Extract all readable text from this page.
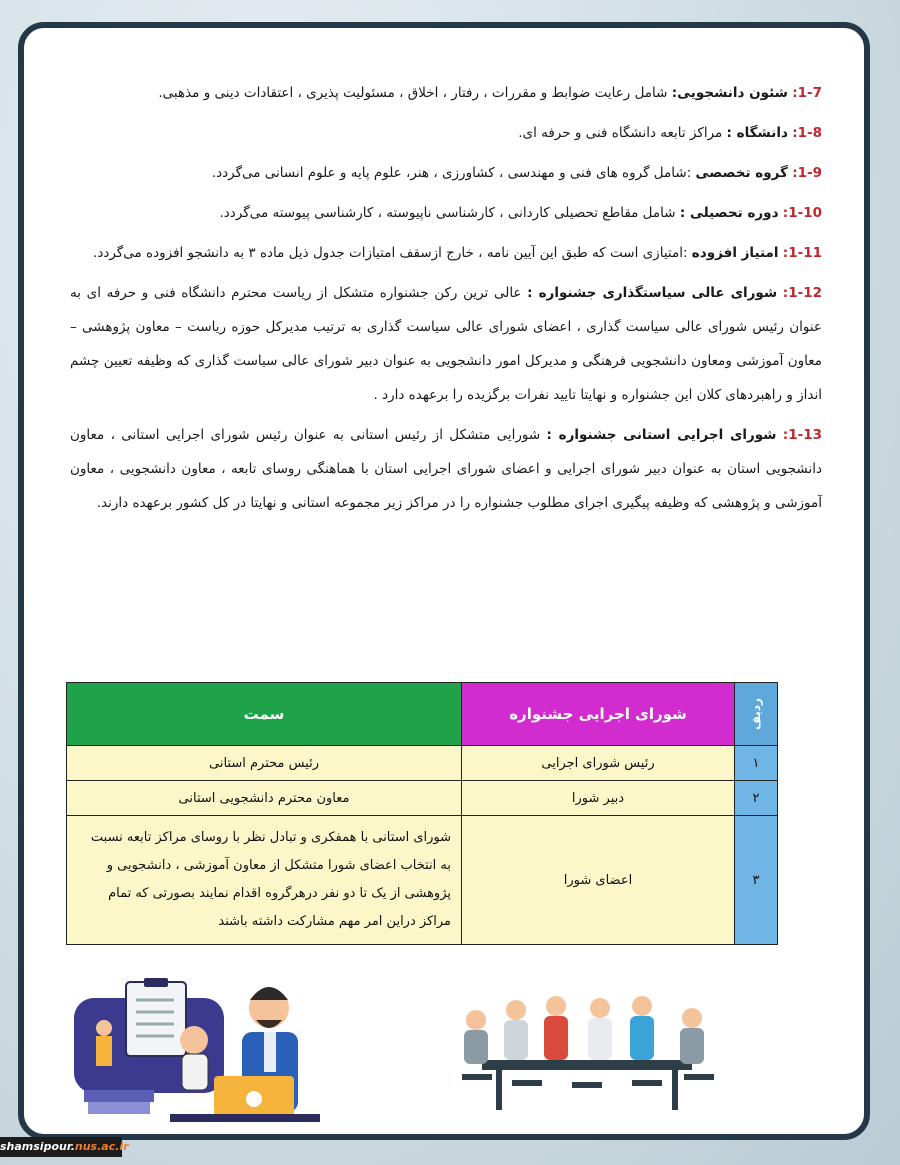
1-7: شئون دانشجویی: شامل رعایت ضوابط و مقررات ، رفتار ، اخلاق ، مسئولیت پذیری ، اعتقادات دینی و مذهبی.

1-8: دانشگاه : مراکز تابعه دانشگاه فنی و حرفه ای.

1-9: گروه تخصصی :شامل گروه های فنی و مهندسی ، کشاورزی ، هنر، علوم پایه و علوم انسانی می‌گردد.

1-10: دوره تحصیلی : شامل مقاطع تحصیلی کاردانی ، کارشناسی ناپیوسته ، کارشناسی پیوسته می‌گردد.

1-11: امتیاز افزوده :امتیازی است که طبق این آیین نامه ، خارج ازسقف امتیازات جدول ذیل ماده ۳ به دانشجو افزوده می‌گردد.

1-12: شورای عالی سیاستگذاری جشنواره : عالی ترین رکن جشنواره متشکل از ریاست محترم دانشگاه فنی و حرفه ای به عنوان رئیس شورای عالی سیاست گذاری ، اعضای شورای عالی سیاست گذاری به ترتیب مدیرکل حوزه ریاست – معاون پژوهشی – معاون آموزشی ومعاون دانشجویی فرهنگی و مدیرکل امور دانشجویی به عنوان دبیر شورای عالی سیاست گذاری که وظیفه تعیین چشم انداز و راهبردهای کلان این جشنواره و نهایتا تایید نفرات برگزیده را برعهده دارد .

1-13: شورای اجرایی استانی جشنواره : شورایی متشکل از رئیس استانی به عنوان رئیس شورای اجرایی استانی ، معاون دانشجویی استان به عنوان دبیر شورای اجرایی و اعضای شورای اجرایی استان با هماهنگی روسای تابعه ، معاون دانشجویی ، معاون آموزشی و پژوهشی که وظیفه پیگیری اجرای مطلوب جشنواره را در مراکز زیر مجموعه استانی و نهایتا در کل کشور برعهده دارند.

ردیف	شورای اجرایی جشنواره	سمت
۱	رئیس شورای اجرایی	رئیس محترم استانی
۲	دبیر شورا	معاون محترم دانشجویی استانی
۳	اعضای شورا	شورای استانی با همفکری و تبادل نظر با روسای مراکز تابعه نسبت به انتخاب اعضای شورا متشکل از معاون آموزشی ، دانشجویی و پژوهشی از یک تا دو نفر درهرگروه اقدام نمایند بصورتی که تمام مراکز دراین امر مهم مشارکت داشته باشند
shamsipour.nus.ac.ir
